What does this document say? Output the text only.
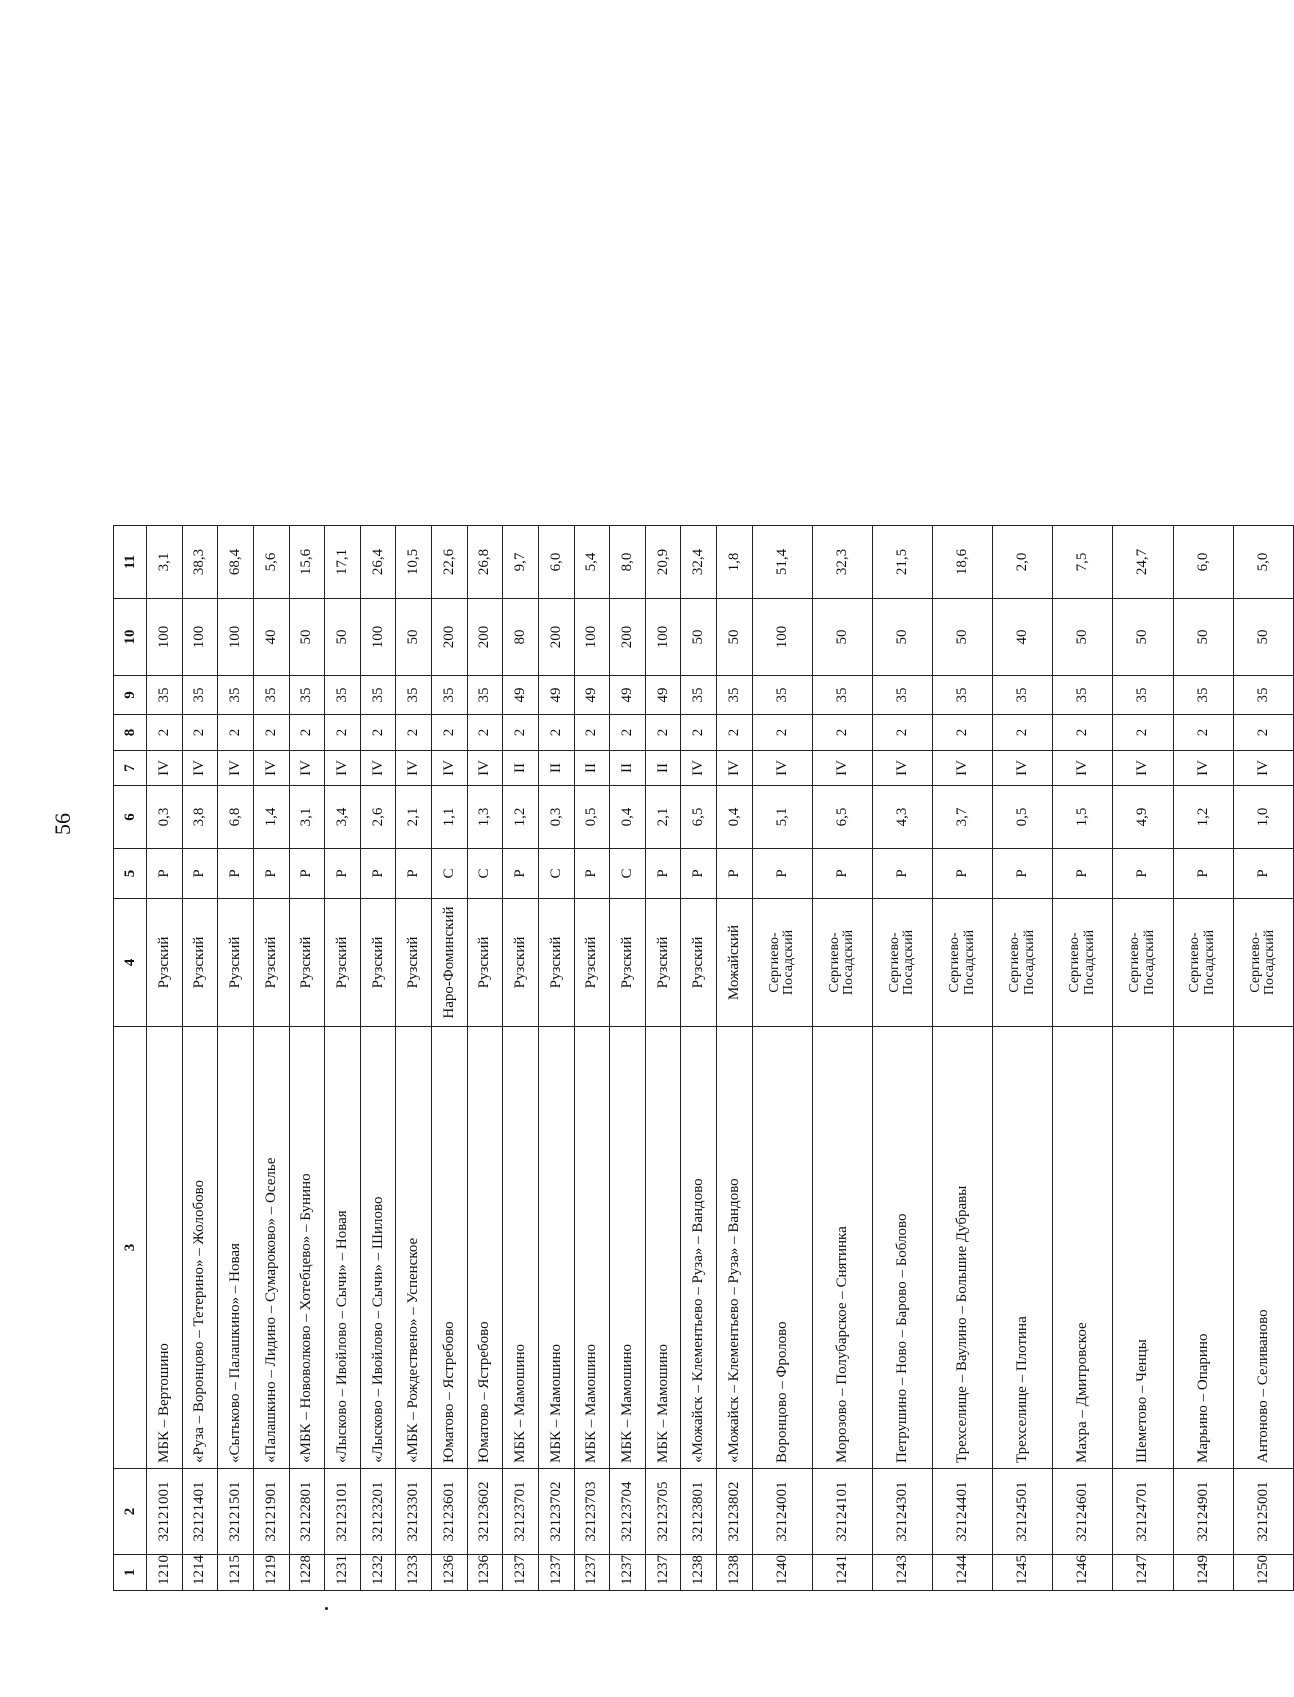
56
1	2	3	4	5	6	7	8	9	10	11
1210	32121001	МБК – Вертошино	Рузский	Р	0,3	IV	2	35	100	3,1
1214	32121401	«Руза – Воронцово – Тетерино» – Жолобово	Рузский	Р	3,8	IV	2	35	100	38,3
1215	32121501	«Сытьково – Палашкино» – Новая	Рузский	Р	6,8	IV	2	35	100	68,4
1219	32121901	«Палашкино – Лидино – Сумароково» – Оселье	Рузский	Р	1,4	IV	2	35	40	5,6
1228	32122801	«МБК – Нововолково – Хотебцево» – Бунино	Рузский	Р	3,1	IV	2	35	50	15,6
1231	32123101	«Лысково – Ивойлово – Сычи» – Новая	Рузский	Р	3,4	IV	2	35	50	17,1
1232	32123201	«Лысково – Ивойлово – Сычи» – Шилово	Рузский	Р	2,6	IV	2	35	100	26,4
1233	32123301	«МБК – Рождествено» – Успенское	Рузский	Р	2,1	IV	2	35	50	10,5
1236	32123601	Юматово – Ястребово	Наро-Фоминский	С	1,1	IV	2	35	200	22,6
1236	32123602	Юматово – Ястребово	Рузский	С	1,3	IV	2	35	200	26,8
1237	32123701	МБК – Мамошино	Рузский	Р	1,2	II	2	49	80	9,7
1237	32123702	МБК – Мамошино	Рузский	С	0,3	II	2	49	200	6,0
1237	32123703	МБК – Мамошино	Рузский	Р	0,5	II	2	49	100	5,4
1237	32123704	МБК – Мамошино	Рузский	С	0,4	II	2	49	200	8,0
1237	32123705	МБК – Мамошино	Рузский	Р	2,1	II	2	49	100	20,9
1238	32123801	«Можайск – Клементьево – Руза» – Вандово	Рузский	Р	6,5	IV	2	35	50	32,4
1238	32123802	«Можайск – Клементьево – Руза» – Вандово	Можайский	Р	0,4	IV	2	35	50	1,8
1240	32124001	Воронцово – Фролово	Сергиево-Посадский	Р	5,1	IV	2	35	100	51,4
1241	32124101	Морозово – Полубарское – Снятинка	Сергиево-Посадский	Р	6,5	IV	2	35	50	32,3
1243	32124301	Петрушино – Ново – Барово – Боблово	Сергиево-Посадский	Р	4,3	IV	2	35	50	21,5
1244	32124401	Трехселище – Ваулино – Большие Дубравы	Сергиево-Посадский	Р	3,7	IV	2	35	50	18,6
1245	32124501	Трехселище – Плотина	Сергиево-Посадский	Р	0,5	IV	2	35	40	2,0
1246	32124601	Махра – Дмитровское	Сергиево-Посадский	Р	1,5	IV	2	35	50	7,5
1247	32124701	Шеметово – Ченцы	Сергиево-Посадский	Р	4,9	IV	2	35	50	24,7
1249	32124901	Марьино – Опарино	Сергиево-Посадский	Р	1,2	IV	2	35	50	6,0
1250	32125001	Антоново – Селиваново	Сергиево-Посадский	Р	1,0	IV	2	35	50	5,0
